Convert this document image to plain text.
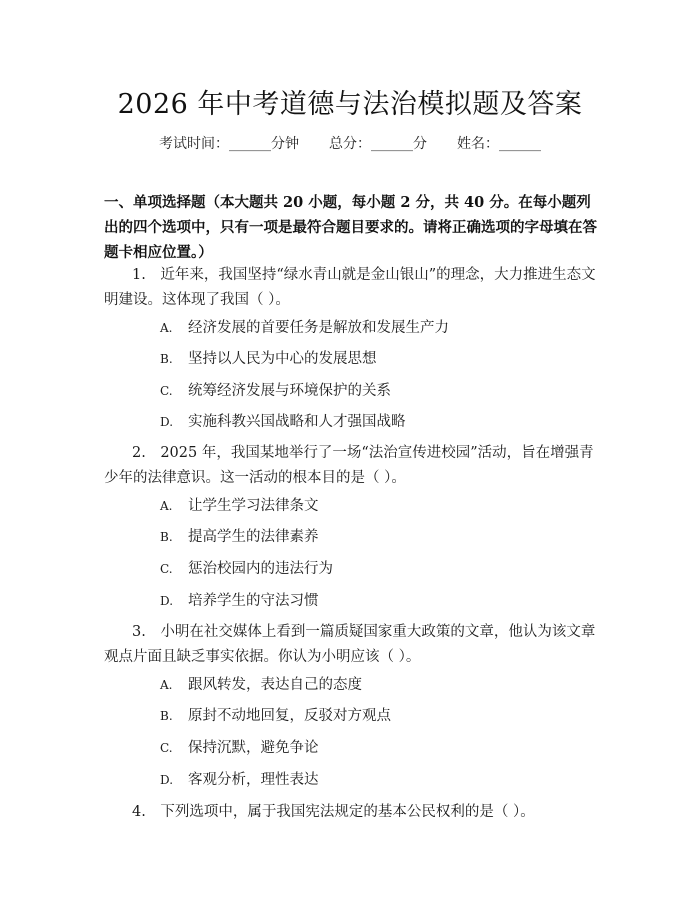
2026 年中考道德与法治模拟题及答案
考试时间：______分钟 总分：______分 姓名：______
一、单项选择题（本大题共 20 小题，每小题 2 分，共 40 分。在每小题列出的四个选项中，只有一项是最符合题目要求的。请将正确选项的字母填在答题卡相应位置。）
1.　近年来，我国坚持“绿水青山就是金山银山”的理念，大力推进生态文明建设。这体现了我国（ ）。
A. 经济发展的首要任务是解放和发展生产力
B. 坚持以人民为中心的发展思想
C. 统筹经济发展与环境保护的关系
D. 实施科教兴国战略和人才强国战略
2.　2025 年，我国某地举行了一场“法治宣传进校园”活动，旨在增强青少年的法律意识。这一活动的根本目的是（ ）。
A. 让学生学习法律条文
B. 提高学生的法律素养
C. 惩治校园内的违法行为
D. 培养学生的守法习惯
3.　小明在社交媒体上看到一篇质疑国家重大政策的文章，他认为该文章观点片面且缺乏事实依据。你认为小明应该（ ）。
A. 跟风转发，表达自己的态度
B. 原封不动地回复，反驳对方观点
C. 保持沉默，避免争论
D. 客观分析，理性表达
4.　下列选项中，属于我国宪法规定的基本公民权利的是（ ）。
